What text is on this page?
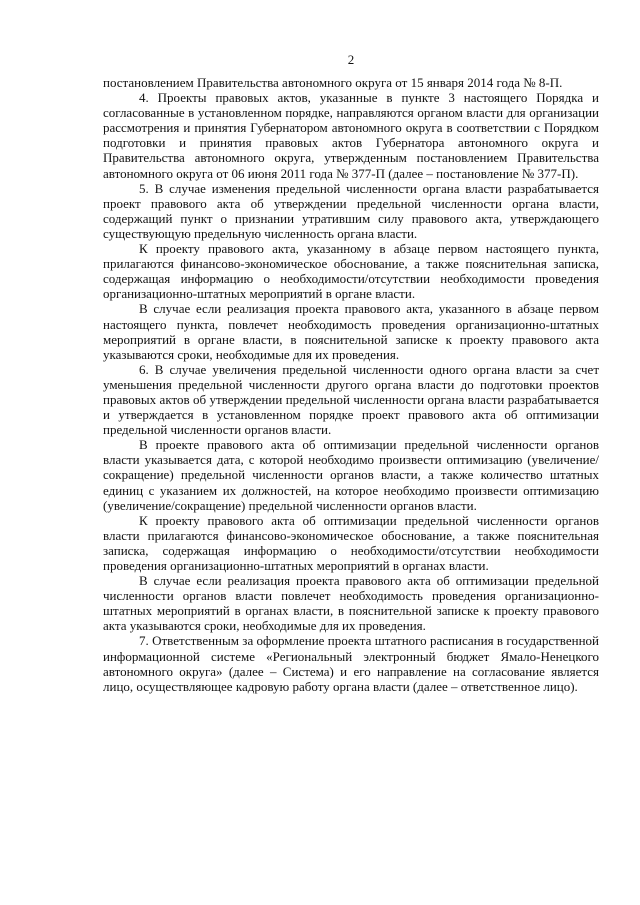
2

постановлением Правительства автономного округа от 15 января 2014 года № 8-П.

4. Проекты правовых актов, указанные в пункте 3 настоящего Порядка и согласованные в установленном порядке, направляются органом власти для организации рассмотрения и принятия Губернатором автономного округа в соответствии с Порядком подготовки и принятия правовых актов Губернатора автономного округа и Правительства автономного округа, утвержденным постановлением Правительства автономного округа от 06 июня 2011 года № 377-П (далее – постановление № 377-П).

5. В случае изменения предельной численности органа власти разрабатывается проект правового акта об утверждении предельной численности органа власти, содержащий пункт о признании утратившим силу правового акта, утверждающего существующую предельную численность органа власти.

К проекту правового акта, указанному в абзаце первом настоящего пункта, прилагаются финансово-экономическое обоснование, а также пояснительная записка, содержащая информацию о необходимости/отсутствии необходимости проведения организационно-штатных мероприятий в органе власти.

В случае если реализация проекта правового акта, указанного в абзаце первом настоящего пункта, повлечет необходимость проведения организационно-штатных мероприятий в органе власти, в пояснительной записке к проекту правового акта указываются сроки, необходимые для их проведения.

6. В случае увеличения предельной численности одного органа власти за счет уменьшения предельной численности другого органа власти до подготовки проектов правовых актов об утверждении предельной численности органа власти разрабатывается и утверждается в установленном порядке проект правового акта об оптимизации предельной численности органов власти.

В проекте правового акта об оптимизации предельной численности органов власти указывается дата, с которой необходимо произвести оптимизацию (увеличение/сокращение) предельной численности органов власти, а также количество штатных единиц с указанием их должностей, на которое необходимо произвести оптимизацию (увеличение/сокращение) предельной численности органов власти.

К проекту правового акта об оптимизации предельной численности органов власти прилагаются финансово-экономическое обоснование, а также пояснительная записка, содержащая информацию о необходимости/отсутствии необходимости проведения организационно-штатных мероприятий в органах власти.

В случае если реализация проекта правового акта об оптимизации предельной численности органов власти повлечет необходимость проведения организационно-штатных мероприятий в органах власти, в пояснительной записке к проекту правового акта указываются сроки, необходимые для их проведения.

7. Ответственным за оформление проекта штатного расписания в государственной информационной системе «Региональный электронный бюджет Ямало-Ненецкого автономного округа» (далее – Система) и его направление на согласование является лицо, осуществляющее кадровую работу органа власти (далее – ответственное лицо).
